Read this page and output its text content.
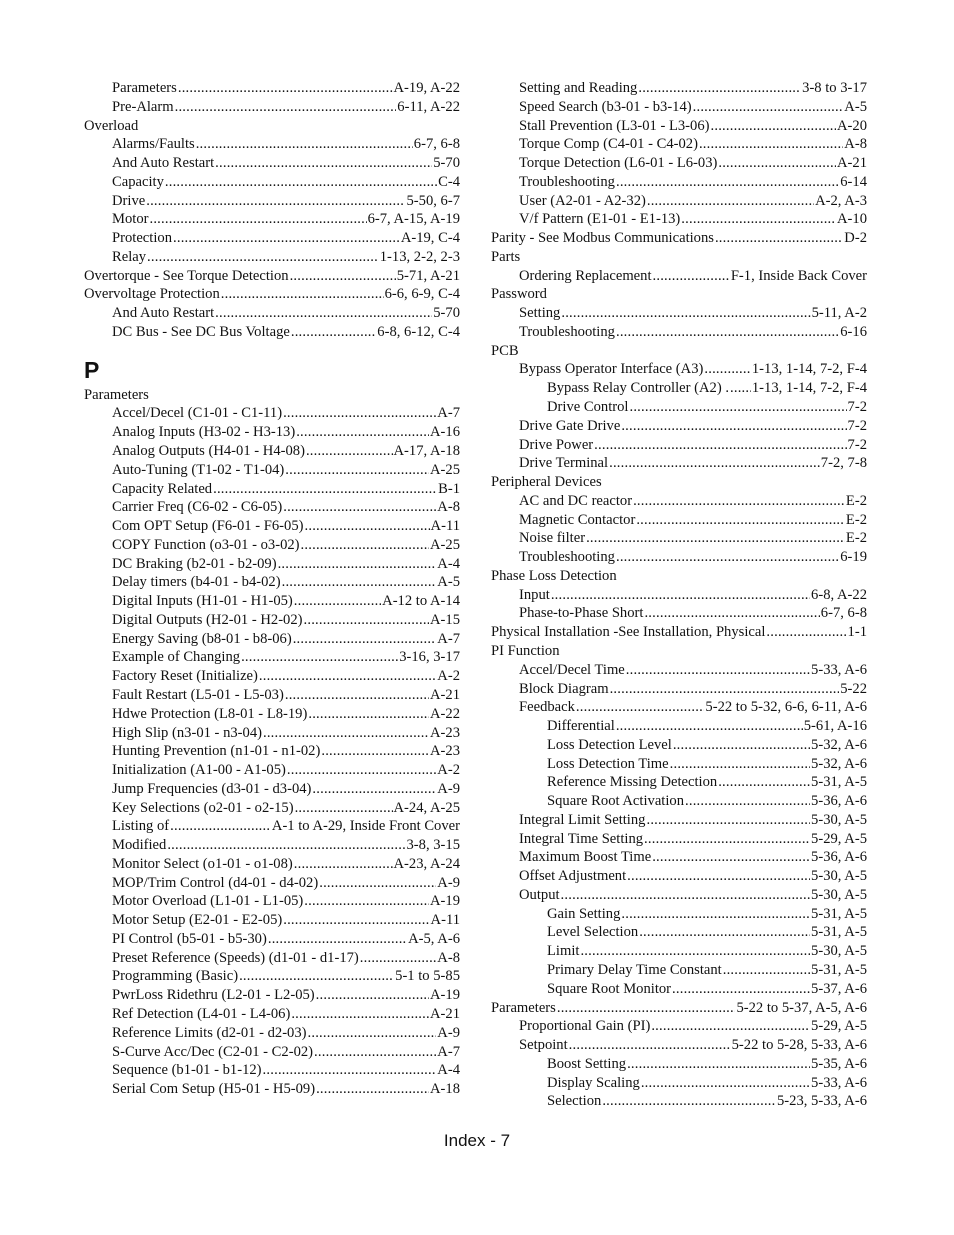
Parameters .....	A-19, A-22
Pre-Alarm .....	6-11, A-22
Overload
Alarms/Faults .....	6-7, 6-8
And Auto Restart .....	5-70
Capacity .....	C-4
Drive .....	5-50, 6-7
Motor .....	6-7, A-15, A-19
Protection .....	A-19, C-4
Relay .....	1-13, 2-2, 2-3
Overtorque - See Torque Detection .....	5-71, A-21
Overvoltage Protection .....	6-6, 6-9, C-4
And Auto Restart .....	5-70
DC Bus - See DC Bus Voltage .....	6-8, 6-12, C-4
P
Parameters
Accel/Decel (C1-01 - C1-11) .....	A-7
Analog Inputs (H3-02 - H3-13) .....	A-16
Analog Outputs (H4-01 - H4-08) .....	A-17, A-18
Auto-Tuning (T1-02 - T1-04) .....	A-25
Capacity Related .....	B-1
Carrier Freq (C6-02 - C6-05) .....	A-8
Com OPT Setup (F6-01 - F6-05) .....	A-11
COPY Function (o3-01 - o3-02) .....	A-25
DC Braking (b2-01 - b2-09) .....	A-4
Delay timers (b4-01 - b4-02) .....	A-5
Digital Inputs (H1-01 - H1-05) .....	A-12 to A-14
Digital Outputs (H2-01 - H2-02) .....	A-15
Energy Saving (b8-01 - b8-06) .....	A-7
Example of Changing .....	3-16, 3-17
Factory Reset (Initialize) .....	A-2
Fault Restart (L5-01 - L5-03) .....	A-21
Hdwe Protection (L8-01 - L8-19) .....	A-22
High Slip (n3-01 - n3-04) .....	A-23
Hunting Prevention (n1-01 - n1-02) .....	A-23
Initialization (A1-00 - A1-05) .....	A-2
Jump Frequencies (d3-01 - d3-04) .....	A-9
Key Selections (o2-01 - o2-15) .....	A-24, A-25
Listing of .....	A-1 to A-29, Inside Front Cover
Modified .....	3-8, 3-15
Monitor Select (o1-01 - o1-08) .....	A-23, A-24
MOP/Trim Control (d4-01 - d4-02) .....	A-9
Motor Overload (L1-01 - L1-05) .....	A-19
Motor Setup (E2-01 - E2-05) .....	A-11
PI Control (b5-01 - b5-30) .....	A-5, A-6
Preset Reference (Speeds) (d1-01 - d1-17) .....	A-8
Programming (Basic) .....	5-1 to 5-85
PwrLoss Ridethru (L2-01 - L2-05) .....	A-19
Ref Detection (L4-01 - L4-06) .....	A-21
Reference Limits (d2-01 - d2-03) .....	A-9
S-Curve Acc/Dec (C2-01 - C2-02) .....	A-7
Sequence (b1-01 - b1-12) .....	A-4
Serial Com Setup (H5-01 - H5-09) .....	A-18
Setting and Reading .....	3-8 to 3-17
Speed Search (b3-01 - b3-14) .....	A-5
Stall Prevention (L3-01 - L3-06) .....	A-20
Torque Comp (C4-01 - C4-02) .....	A-8
Torque Detection (L6-01 - L6-03) .....	A-21
Troubleshooting .....	6-14
User (A2-01 - A2-32) .....	A-2, A-3
V/f Pattern (E1-01 - E1-13) .....	A-10
Parity - See Modbus Communications .....	D-2
Parts
Ordering Replacement .....	F-1, Inside Back Cover
Password
Setting .....	5-11, A-2
Troubleshooting .....	6-16
PCB
Bypass Operator Interface (A3) .....	1-13, 1-14, 7-2, F-4
Bypass Relay Controller (A2) . ..... 1-13, 1-14, 7-2, F-4
Drive Control .....	7-2
Drive Gate Drive .....	7-2
Drive Power .....	7-2
Drive Terminal .....	7-2, 7-8
Peripheral Devices
AC and DC reactor .....	E-2
Magnetic Contactor .....	E-2
Noise filter .....	E-2
Troubleshooting .....	6-19
Phase Loss Detection
Input .....	6-8, A-22
Phase-to-Phase Short .....	6-7, 6-8
Physical Installation -See Installation, Physical .....	1-1
PI Function
Accel/Decel Time .....	5-33, A-6
Block Diagram .....	5-22
Feedback .....	5-22 to 5-32, 6-6, 6-11, A-6
Differential .....	5-61, A-16
Loss Detection Level .....	5-32, A-6
Loss Detection Time .....	5-32, A-6
Reference Missing Detection .....	5-31, A-5
Square Root Activation .....	5-36, A-6
Integral Limit Setting .....	5-30, A-5
Integral Time Setting .....	5-29, A-5
Maximum Boost Time .....	5-36, A-6
Offset Adjustment .....	5-30, A-5
Output .....	5-30, A-5
Gain Setting .....	5-31, A-5
Level Selection .....	5-31, A-5
Limit .....	5-30, A-5
Primary Delay Time Constant .....	5-31, A-5
Square Root Monitor .....	5-37, A-6
Parameters .....	5-22 to 5-37, A-5, A-6
Proportional Gain (PI) .....	5-29, A-5
Setpoint .....	5-22 to 5-28, 5-33, A-6
Boost Setting .....	5-35, A-6
Display Scaling .....	5-33, A-6
Selection .....	5-23, 5-33, A-6
Index - 7
